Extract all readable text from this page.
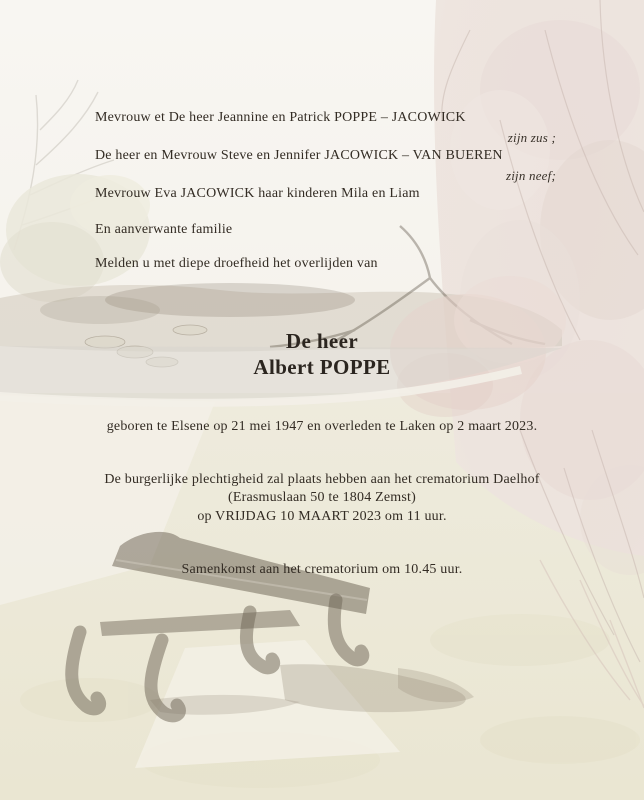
Mevrouw et De heer Jeannine en Patrick POPPE – JACOWICK
zijn zus ;
De heer en Mevrouw Steve en Jennifer JACOWICK – VAN BUEREN
zijn neef;
Mevrouw Eva JACOWICK haar kinderen Mila en Liam
En aanverwante familie
Melden u met diepe droefheid het overlijden van
De heer
Albert POPPE
geboren te Elsene op 21 mei 1947 en overleden te Laken op 2 maart 2023.
De burgerlijke plechtigheid zal plaats hebben aan het crematorium Daelhof
(Erasmuslaan 50 te 1804 Zemst)
op VRIJDAG 10 MAART 2023 om 11 uur.
Samenkomst aan het crematorium om 10.45 uur.
